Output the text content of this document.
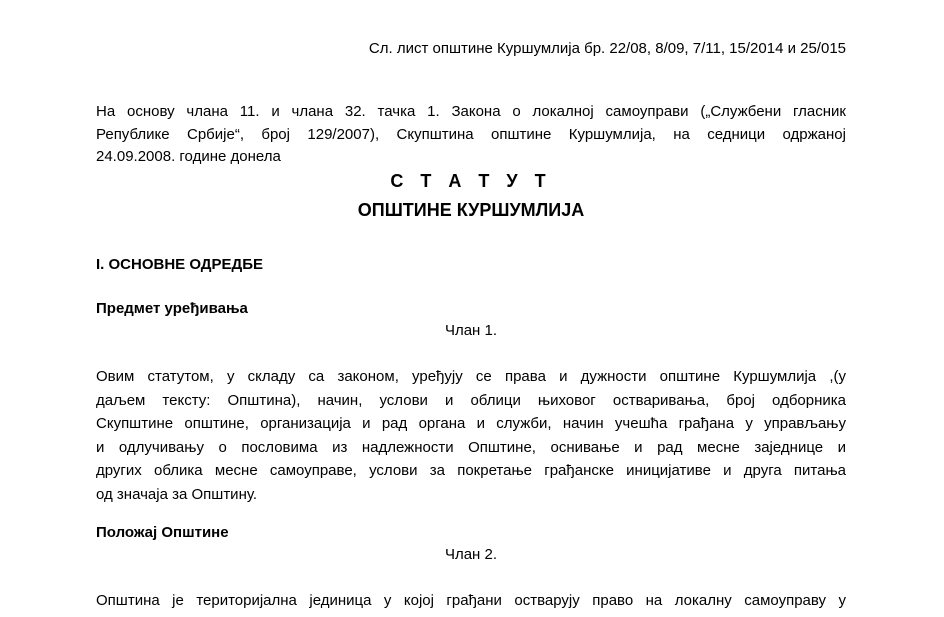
Сл. лист општине Куршумлија бр. 22/08, 8/09, 7/11, 15/2014 и 25/015
На основу члана 11. и члана 32. тачка 1. Закона о локалној самоуправи („Службени гласник
Републике Србије“, број 129/2007), Скупштина општине Куршумлија, на седници одржаној
24.09.2008. године донела
С Т А Т У Т
ОПШТИНЕ КУРШУМЛИЈА
I. ОСНОВНЕ ОДРЕДБЕ
Предмет уређивања
Члан 1.
Овим статутом, у складу са законом, уређују се права и дужности општине Куршумлија ,(у
даљем тексту: Општина), начин, услови и облици њиховог остваривања, број одборника
Скупштине општине, организација и рад органа и служби, начин учешћа грађана у управљању
и одлучивању о пословима из надлежности Општине, оснивање и рад месне заједнице и
других облика месне самоуправе, услови за покретање грађанске иницијативе и друга питања
од значаја за Општину.
Положај Општине
Члан 2.
Општина је територијална јединица у којој грађани остварују право на локалну самоуправу у
